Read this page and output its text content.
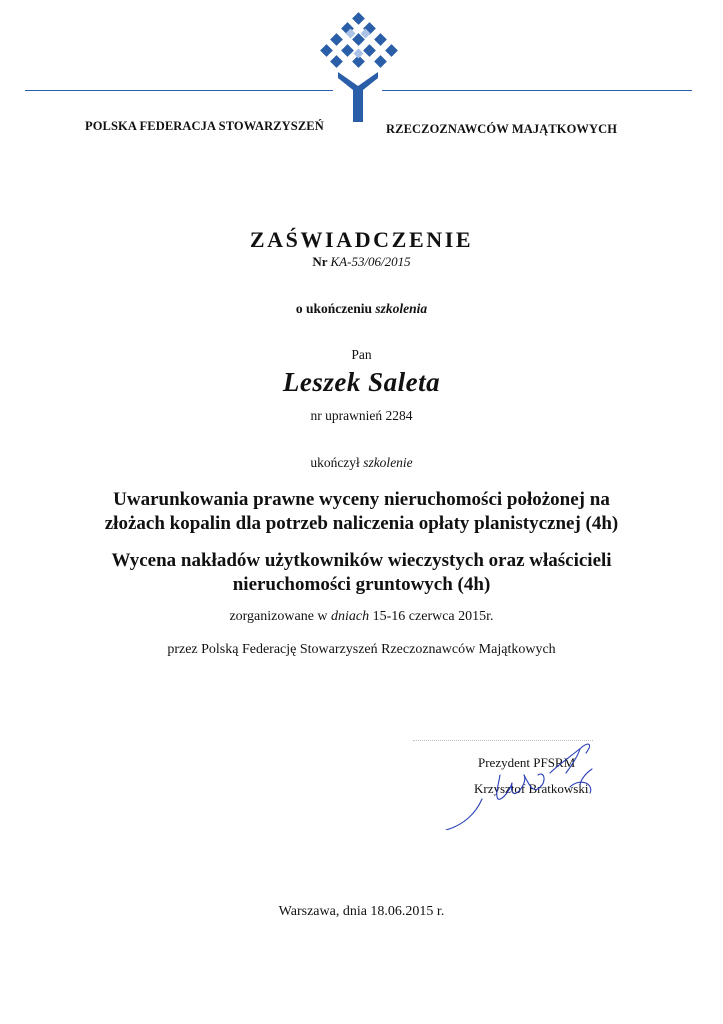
POLSKA FEDERACJA STOWARZYSZEŃ	RZECZOZNAWCÓW MAJĄTKOWYCH
ZAŚWIADCZENIE
Nr KA-53/06/2015
o ukończeniu szkolenia
Pan
Leszek Saleta
nr uprawnień 2284
ukończył szkolenie
Uwarunkowania prawne wyceny nieruchomości położonej na
złożach kopalin dla potrzeb naliczenia opłaty planistycznej (4h)
Wycena nakładów użytkowników wieczystych oraz właścicieli
nieruchomości gruntowych (4h)
zorganizowane w dniach 15-16 czerwca 2015r.
przez Polską Federację Stowarzyszeń Rzeczoznawców Majątkowych
Prezydent PFSRM
Krzysztof Bratkowski
Warszawa, dnia 18.06.2015 r.
